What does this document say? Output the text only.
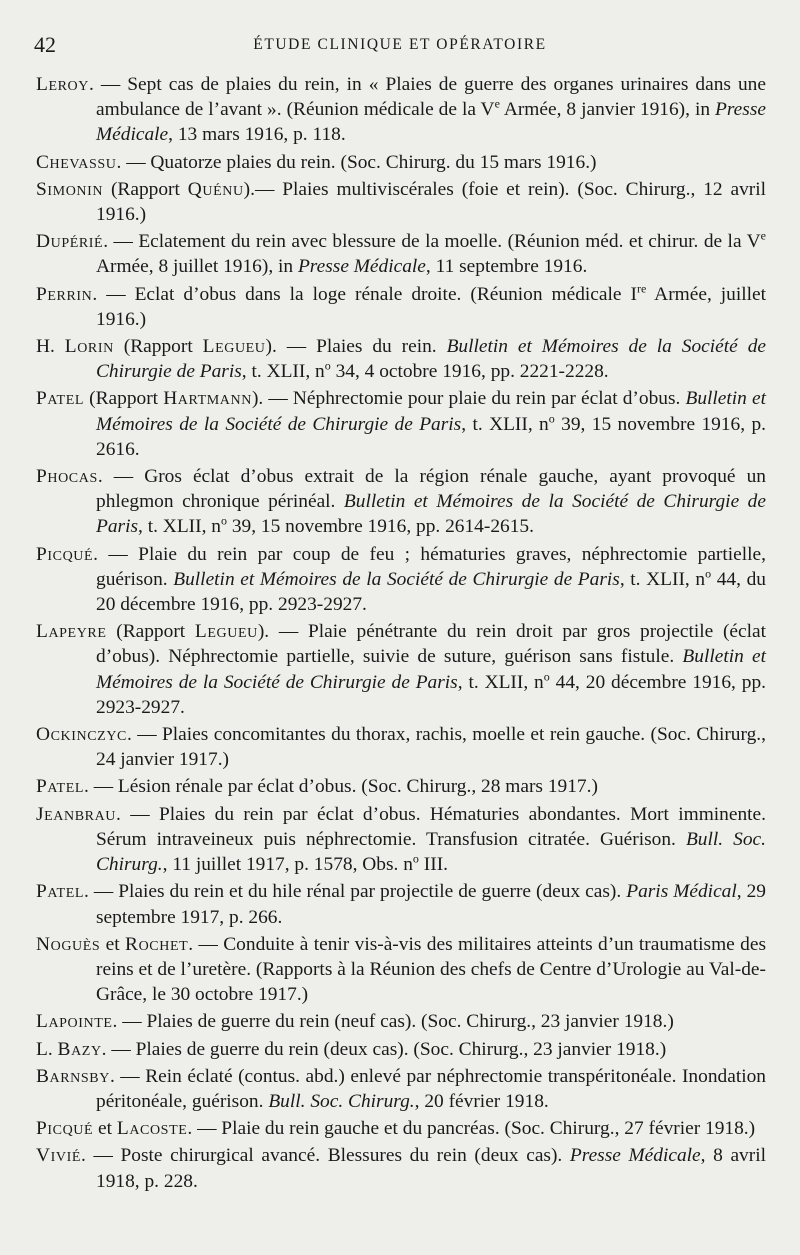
42	ÉTUDE CLINIQUE ET OPÉRATOIRE

Leroy. — Sept cas de plaies du rein, in « Plaies de guerre des organes urinaires dans une ambulance de l’avant ». (Réunion médicale de la Ve Armée, 8 janvier 1916), in Presse Médicale, 13 mars 1916, p. 118.

Chevassu. — Quatorze plaies du rein. (Soc. Chirurg. du 15 mars 1916.)

Simonin (Rapport Quénu).— Plaies multiviscérales (foie et rein). (Soc. Chirurg., 12 avril 1916.)

Dupérié. — Eclatement du rein avec blessure de la moelle. (Réunion méd. et chirur. de la Ve Armée, 8 juillet 1916), in Presse Médicale, 11 septembre 1916.

Perrin. — Eclat d’obus dans la loge rénale droite. (Réunion médicale Ire Armée, juillet 1916.)

H. Lorin (Rapport Legueu). — Plaies du rein. Bulletin et Mémoires de la Société de Chirurgie de Paris, t. XLII, $n^o$ 34, 4 octobre 1916, pp. 2221-2228.

Patel (Rapport Hartmann). — Néphrectomie pour plaie du rein par éclat d’obus. Bulletin et Mémoires de la Société de Chirurgie de Paris, t. XLII, $n^o$ 39, 15 novembre 1916, p. 2616.

Phocas. — Gros éclat d’obus extrait de la région rénale gauche, ayant provoqué un phlegmon chronique périnéal. Bulletin et Mémoires de la Société de Chirurgie de Paris, t. XLII, $n^o$ 39, 15 novembre 1916, pp. 2614-2615.

Picqué. — Plaie du rein par coup de feu ; hématuries graves, néphrectomie partielle, guérison. Bulletin et Mémoires de la Société de Chirurgie de Paris, t. XLII, $n^o$ 44, du 20 décembre 1916, pp. 2923-2927.

Lapeyre (Rapport Legueu). — Plaie pénétrante du rein droit par gros projectile (éclat d’obus). Néphrectomie partielle, suivie de suture, guérison sans fistule. Bulletin et Mémoires de la Société de Chirurgie de Paris, t. XLII, $n^o$ 44, 20 décembre 1916, pp. 2923-2927.

Ockinczyc. — Plaies concomitantes du thorax, rachis, moelle et rein gauche. (Soc. Chirurg., 24 janvier 1917.)

Patel. — Lésion rénale par éclat d’obus. (Soc. Chirurg., 28 mars 1917.)

Jeanbrau. — Plaies du rein par éclat d’obus. Hématuries abondantes. Mort imminente. Sérum intraveineux puis néphrectomie. Transfusion citratée. Guérison. Bull. Soc. Chirurg., 11 juillet 1917, p. 1578, Obs. $n^o$ III.

Patel. — Plaies du rein et du hile rénal par projectile de guerre (deux cas). Paris Médical, 29 septembre 1917, p. 266.

Noguès et Rochet. — Conduite à tenir vis-à-vis des militaires atteints d’un traumatisme des reins et de l’uretère. (Rapports à la Réunion des chefs de Centre d’Urologie au Val-de-Grâce, le 30 octobre 1917.)

Lapointe. — Plaies de guerre du rein (neuf cas). (Soc. Chirurg., 23 janvier 1918.)

L. Bazy. — Plaies de guerre du rein (deux cas). (Soc. Chirurg., 23 janvier 1918.)

Barnsby. — Rein éclaté (contus. abd.) enlevé par néphrectomie transpéritonéale. Inondation péritonéale, guérison. Bull. Soc. Chirurg., 20 février 1918.

Picqué et Lacoste. — Plaie du rein gauche et du pancréas. (Soc. Chirurg., 27 février 1918.)

Vivié. — Poste chirurgical avancé. Blessures du rein (deux cas). Presse Médicale, 8 avril 1918, p. 228.
